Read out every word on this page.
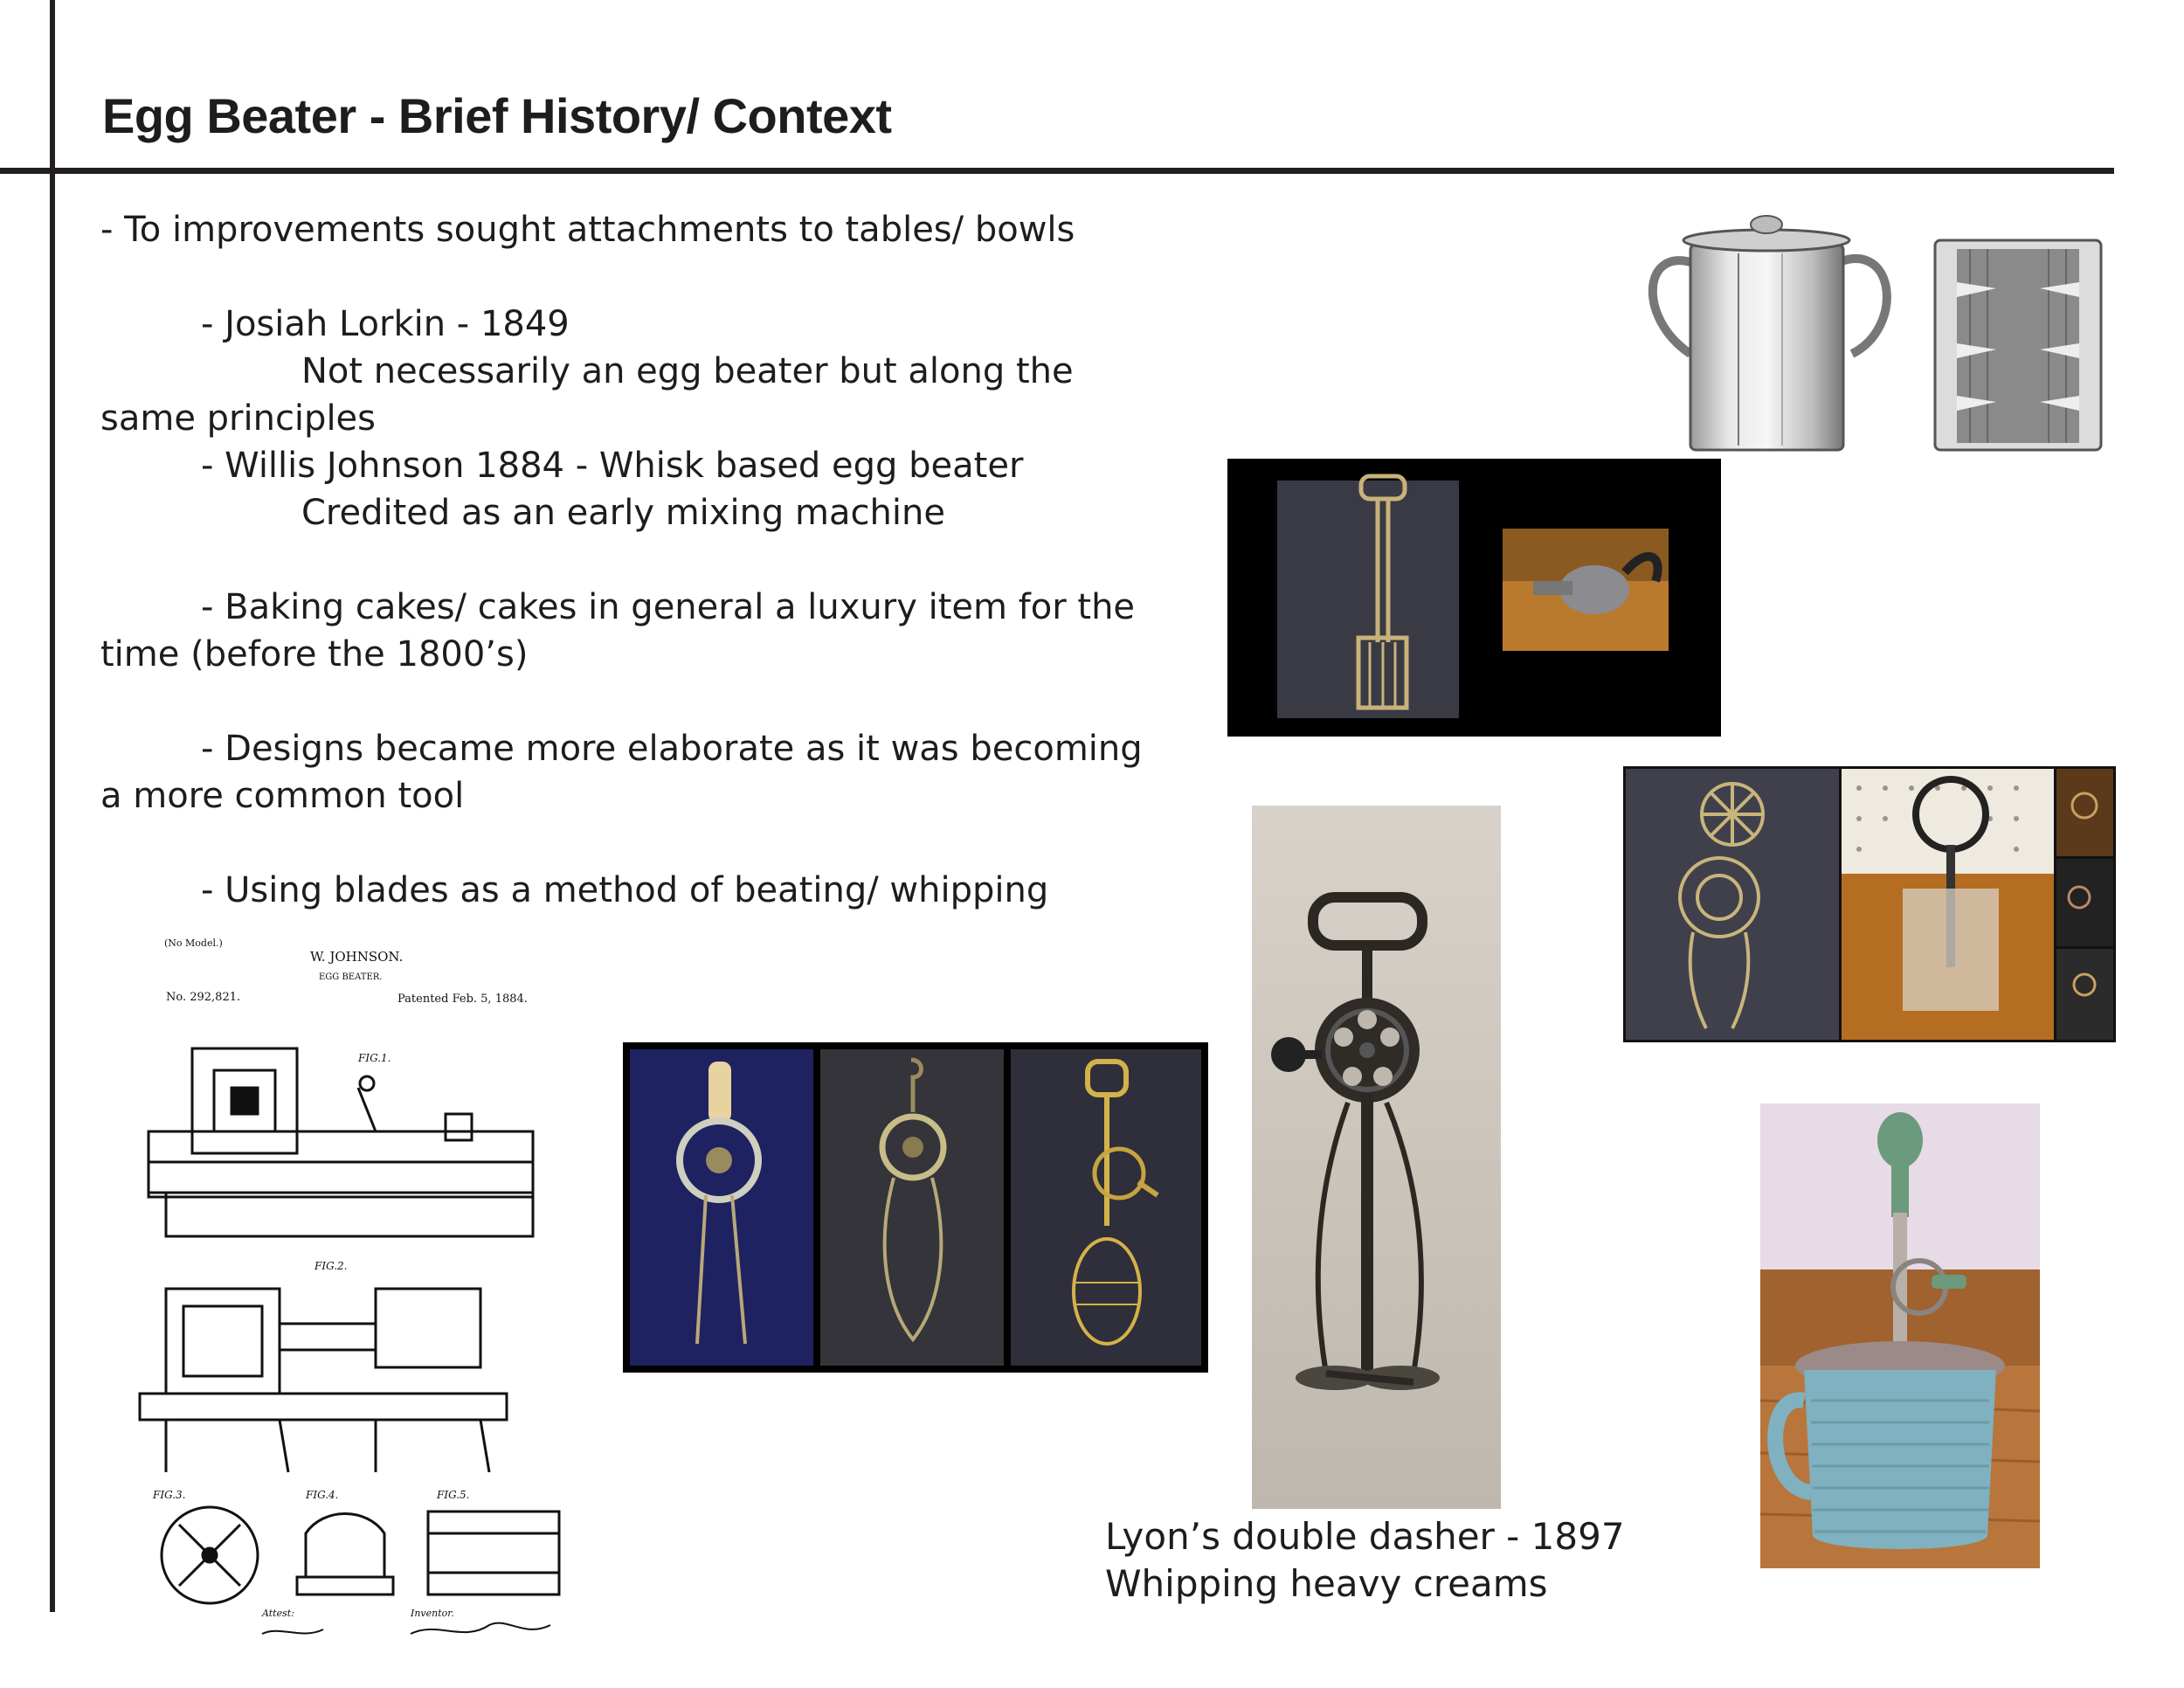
Egg Beater - Brief History/ Context

- To improvements sought attachments to tables/ bowls

- Josiah Lorkin - 1849

Not necessarily an egg beater but along the

same principles

- Willis Johnson 1884 - Whisk based egg beater

Credited as an early mixing machine

- Baking cakes/ cakes in general a luxury item for the

time (before the 1800’s)

- Designs became more elaborate as it was becoming

a more common tool

- Using blades as a method of beating/ whipping

(No Model.)
W. JOHNSON.
EGG BEATER.
No. 292,821.	Patented Feb. 5, 1884.
FIG.1.
FIG.2.
FIG.3.	FIG.4.	FIG.5.
Attest:	Inventor.

Lyon’s double dasher - 1897

Whipping heavy creams
